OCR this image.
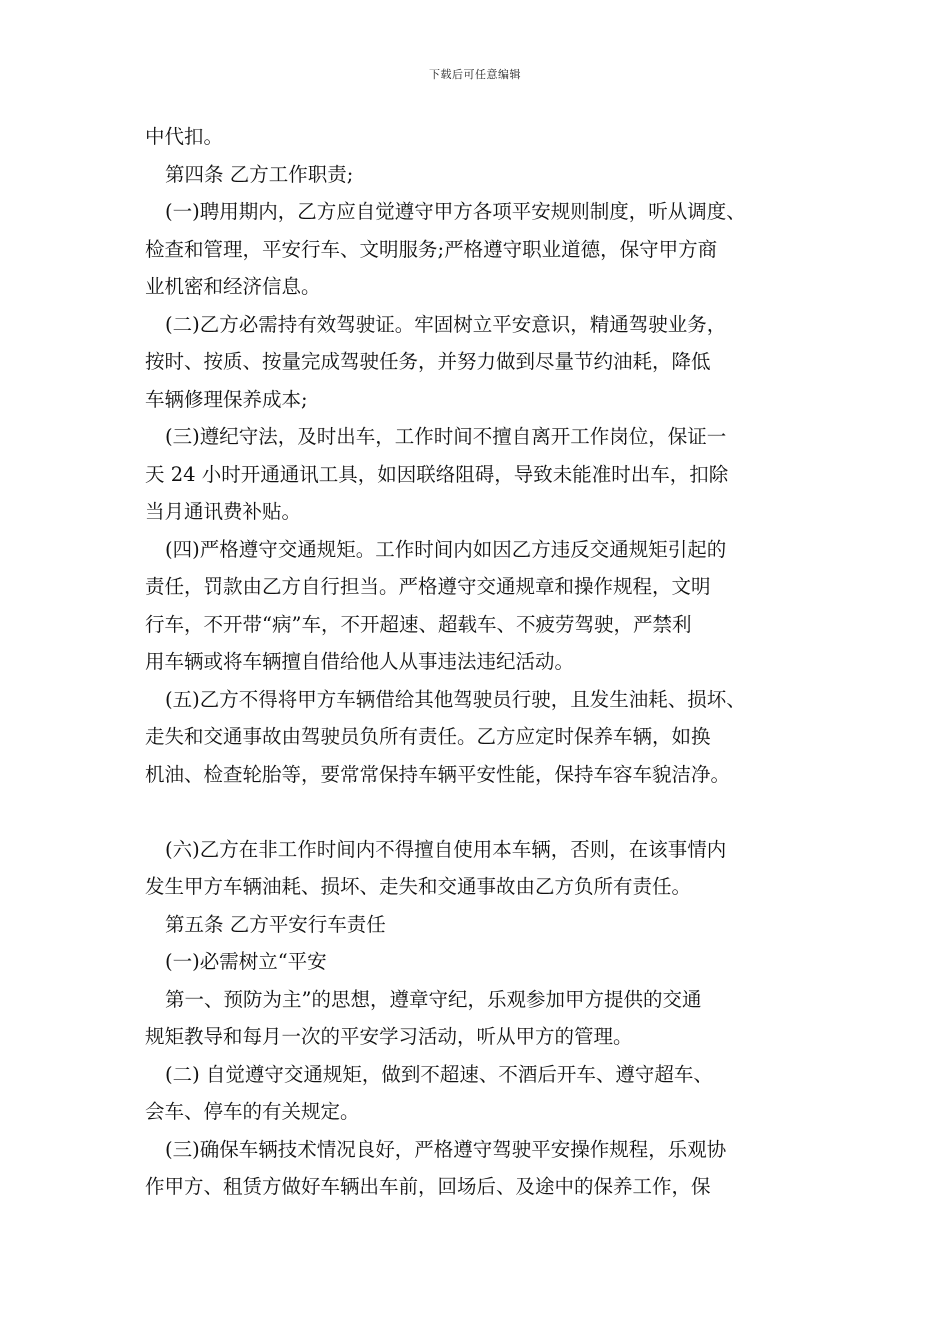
下载后可任意编辑

中代扣。

第四条 乙方工作职责;

(一)聘用期内，乙方应自觉遵守甲方各项平安规则制度，听从调度、

检查和管理，平安行车、文明服务;严格遵守职业道德，保守甲方商

业机密和经济信息。

(二)乙方必需持有效驾驶证。牢固树立平安意识，精通驾驶业务，

按时、按质、按量完成驾驶任务，并努力做到尽量节约油耗，降低

车辆修理保养成本;

(三)遵纪守法，及时出车，工作时间不擅自离开工作岗位，保证一

天 24 小时开通通讯工具，如因联络阻碍，导致未能准时出车，扣除

当月通讯费补贴。

(四)严格遵守交通规矩。工作时间内如因乙方违反交通规矩引起的

责任，罚款由乙方自行担当。严格遵守交通规章和操作规程，文明

行车，不开带“病”车，不开超速、超载车、不疲劳驾驶，严禁利

用车辆或将车辆擅自借给他人从事违法违纪活动。

(五)乙方不得将甲方车辆借给其他驾驶员行驶，且发生油耗、损坏、

走失和交通事故由驾驶员负所有责任。乙方应定时保养车辆，如换

机油、检查轮胎等，要常常保持车辆平安性能，保持车容车貌洁净。

(六)乙方在非工作时间内不得擅自使用本车辆，否则，在该事情内

发生甲方车辆油耗、损坏、走失和交通事故由乙方负所有责任。

第五条 乙方平安行车责任

(一)必需树立“平安

第一、预防为主”的思想，遵章守纪，乐观参加甲方提供的交通

规矩教导和每月一次的平安学习活动，听从甲方的管理。

(二) 自觉遵守交通规矩，做到不超速、不酒后开车、遵守超车、

会车、停车的有关规定。

(三)确保车辆技术情况良好，严格遵守驾驶平安操作规程，乐观协

作甲方、租赁方做好车辆出车前，回场后、及途中的保养工作，保
